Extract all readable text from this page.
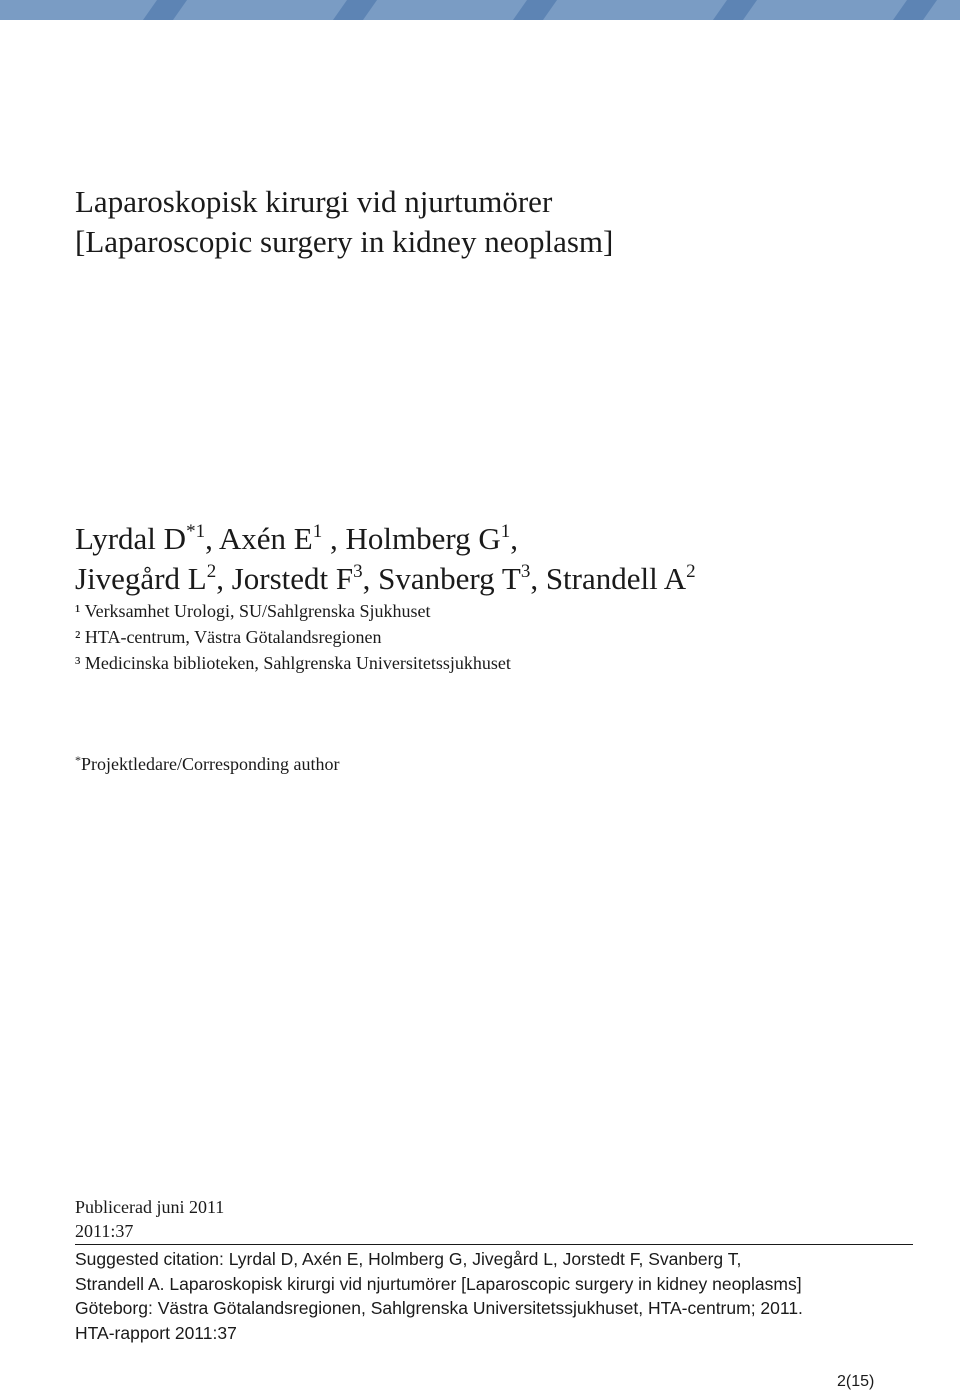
Laparoskopisk kirurgi vid njurtumörer
[Laparoscopic surgery in kidney neoplasm]
Lyrdal $D^{*1}$, Axén $E^1$ , Holmberg $G^1$,
Jivegård $L^2$, Jorstedt $F^3$, Svanberg $T^3$, Strandell $A^2$
¹ Verksamhet Urologi, SU/Sahlgrenska Sjukhuset
² HTA-centrum, Västra Götalandsregionen
³ Medicinska biblioteken, Sahlgrenska Universitetssjukhuset
*Projektledare/Corresponding author
Publicerad juni 2011
2011:37
Suggested citation: Lyrdal D, Axén E, Holmberg G, Jivegård L, Jorstedt F, Svanberg T,
Strandell A. Laparoskopisk kirurgi vid njurtumörer [Laparoscopic surgery in kidney neoplasms]
Göteborg: Västra Götalandsregionen, Sahlgrenska Universitetssjukhuset, HTA-centrum; 2011.
HTA-rapport 2011:37
2(15)
